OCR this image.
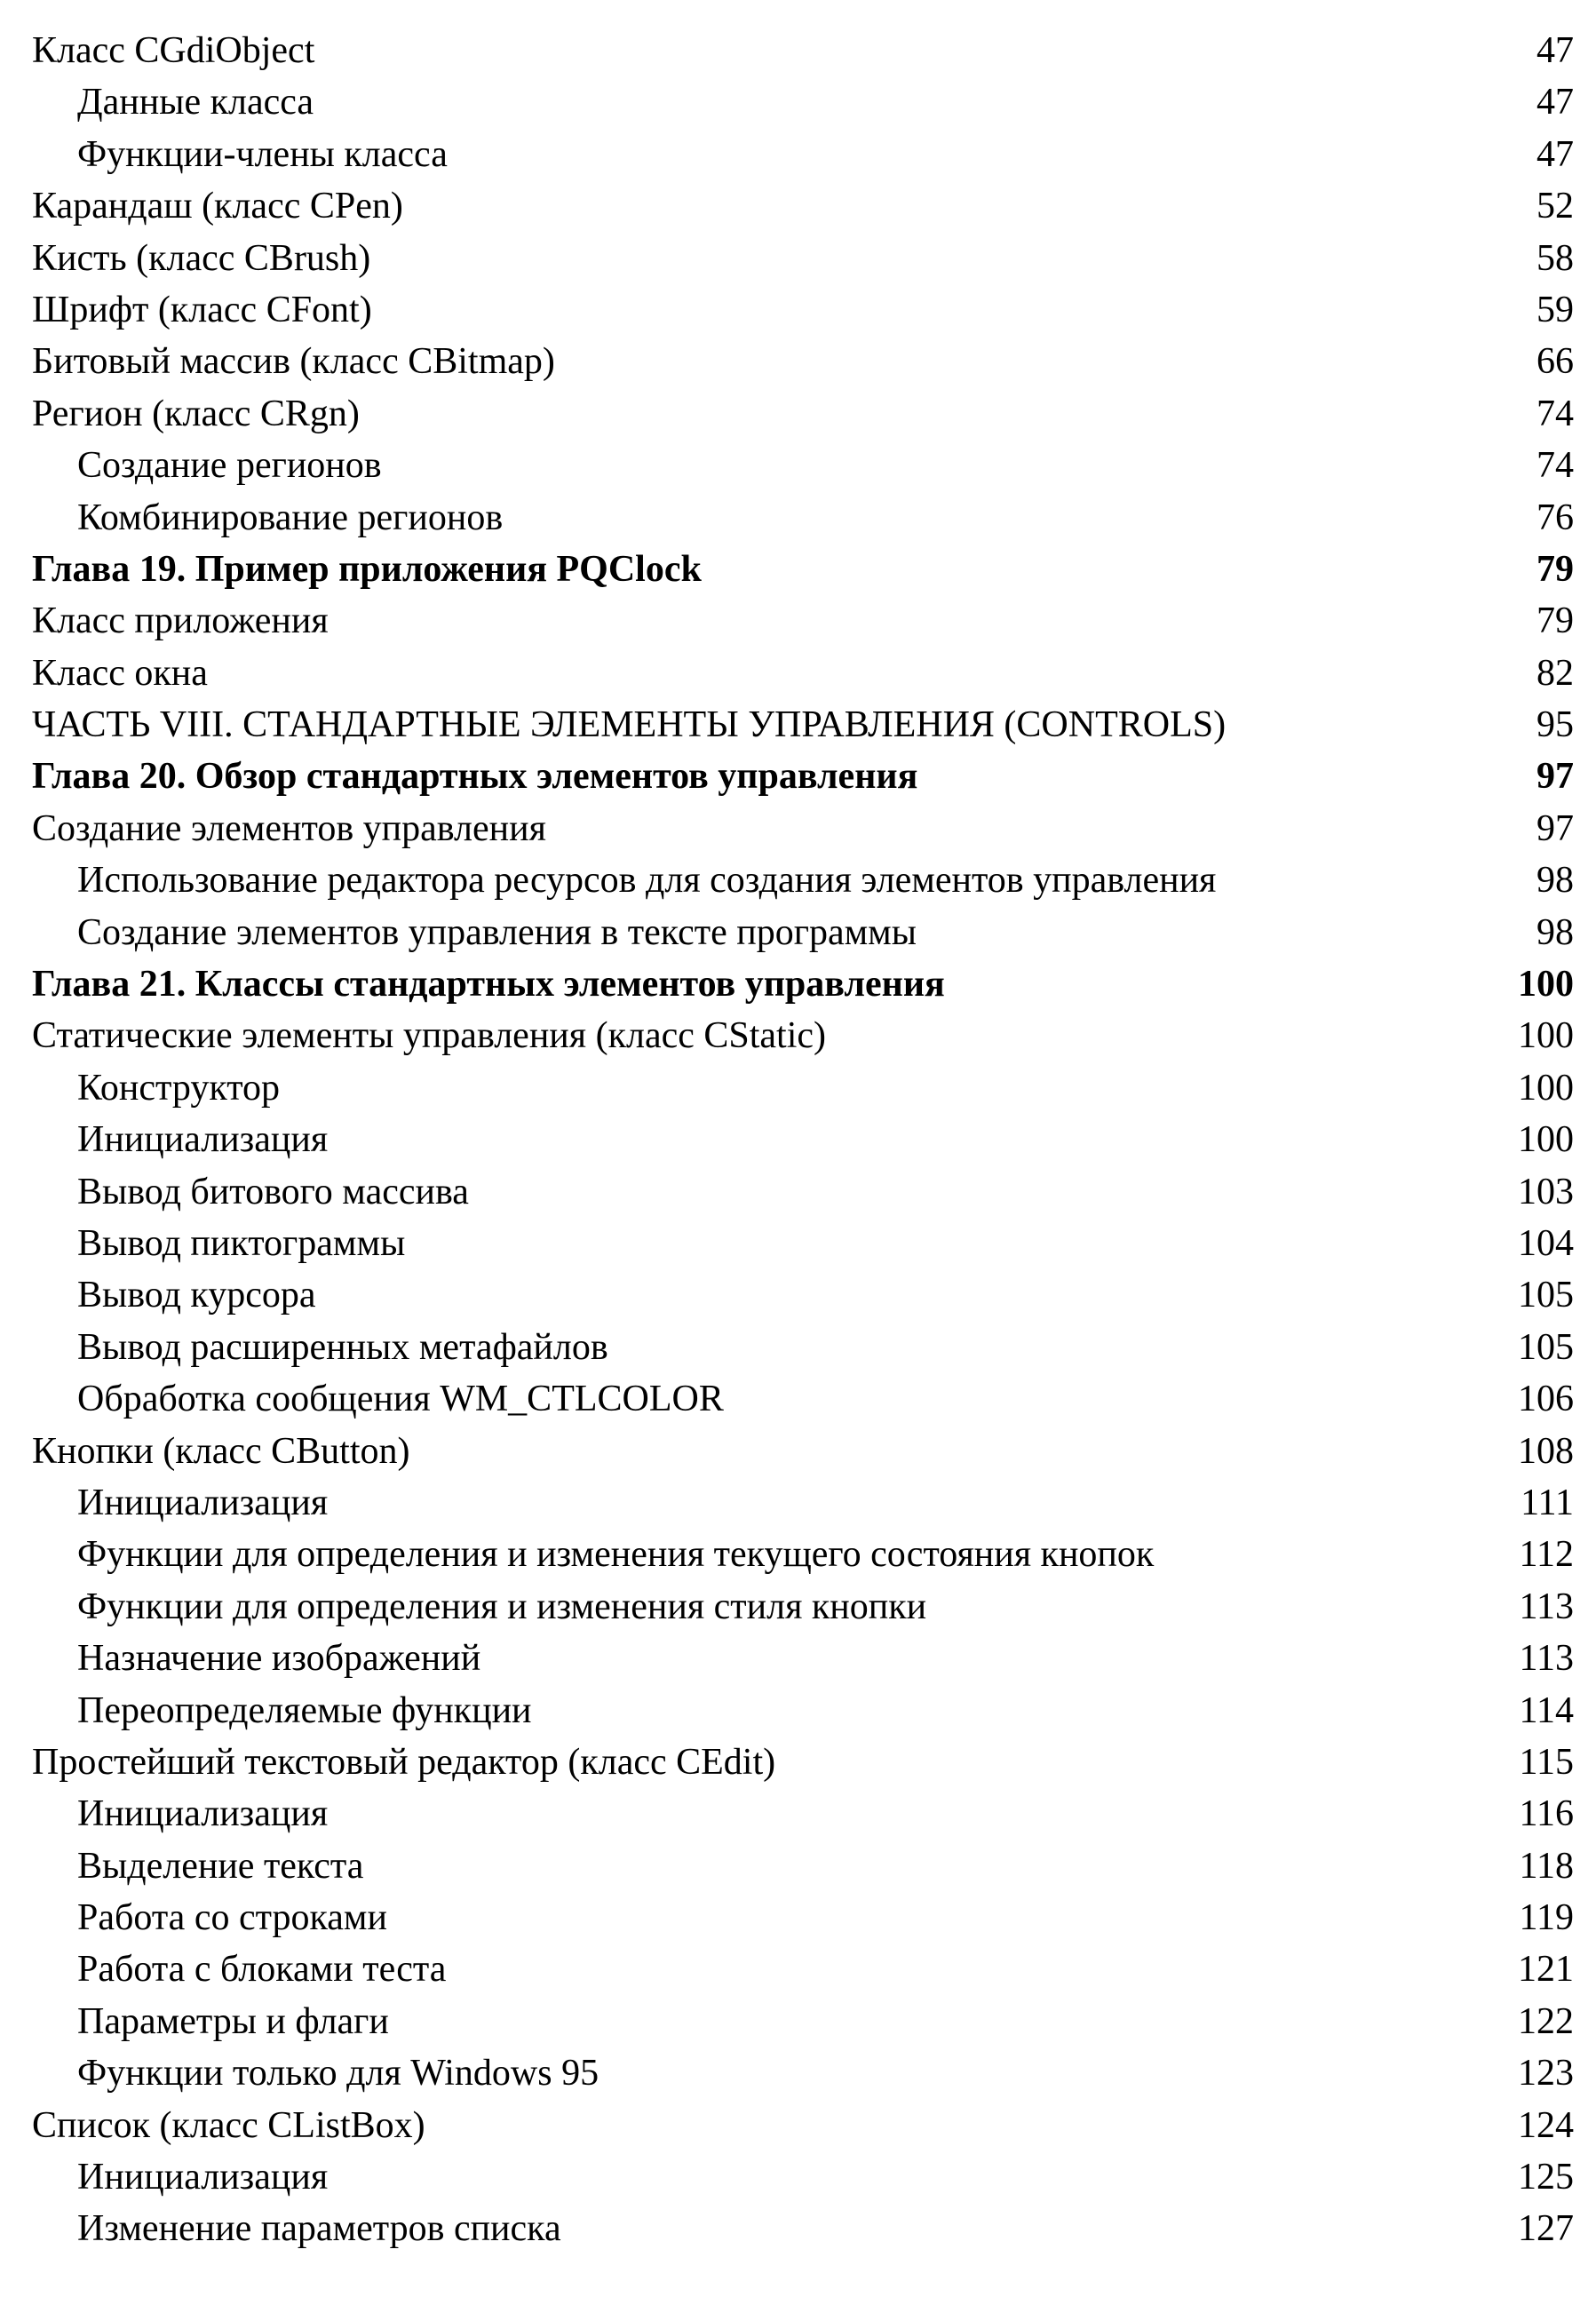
Класс CGdiObject	47
Данные класса	47
Функции-члены класса	47
Карандаш (класс CPen)	52
Кисть (класс CBrush)	58
Шрифт (класс CFont)	59
Битовый массив (класс CBitmap)	66
Регион (класс CRgn)	74
Создание регионов	74
Комбинирование регионов	76
Глава 19. Пример приложения PQClock	79
Класс приложения	79
Класс окна	82
ЧАСТЬ VIII. СТАНДАРТНЫЕ ЭЛЕМЕНТЫ УПРАВЛЕНИЯ (CONTROLS)	95
Глава 20. Обзор стандартных элементов управления	97
Создание элементов управления	97
Использование редактора ресурсов для создания элементов управления	98
Создание элементов управления в тексте программы	98
Глава 21. Классы стандартных элементов управления	100
Статические элементы управления (класс CStatic)	100
Конструктор	100
Инициализация	100
Вывод битового массива	103
Вывод пиктограммы	104
Вывод курсора	105
Вывод расширенных метафайлов	105
Обработка сообщения WM_CTLCOLOR	106
Кнопки (класс CButton)	108
Инициализация	111
Функции для определения и изменения текущего состояния кнопок	112
Функции для определения и изменения стиля кнопки	113
Назначение изображений	113
Переопределяемые функции	114
Простейший текстовый редактор (класс CEdit)	115
Инициализация	116
Выделение текста	118
Работа со строками	119
Работа с блоками теста	121
Параметры и флаги	122
Функции только для Windows 95	123
Список (класс CListBox)	124
Инициализация	125
Изменение параметров списка	127
